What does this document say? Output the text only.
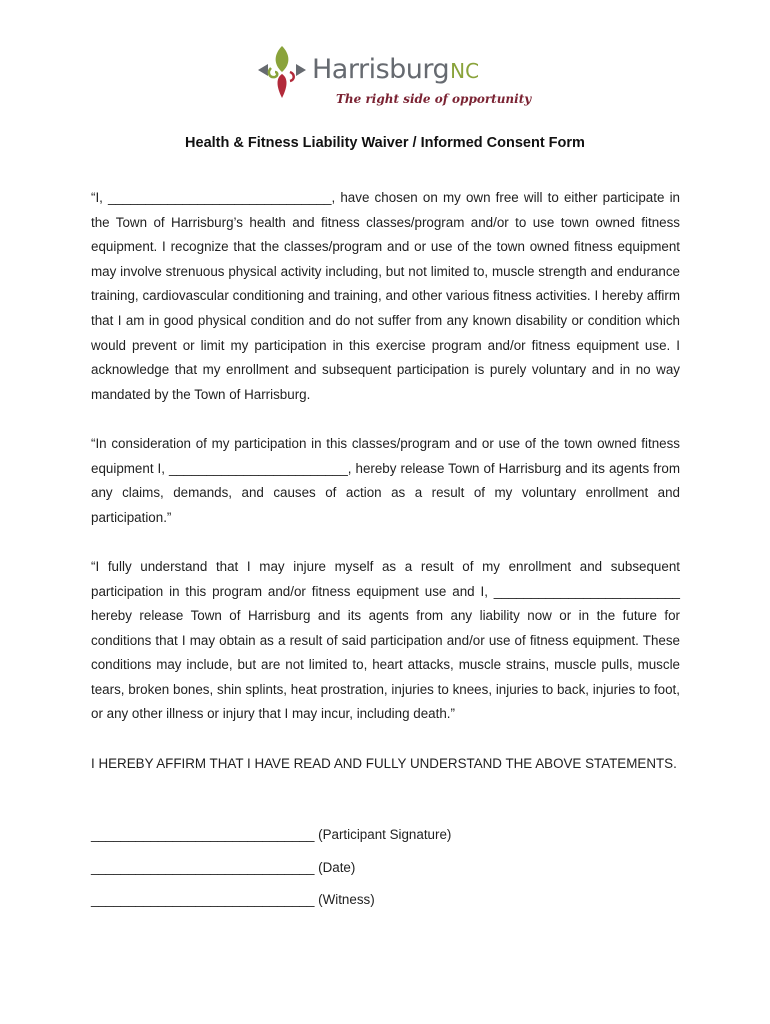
HarrisburgNC
The right side of opportunity
Health & Fitness Liability Waiver / Informed Consent Form

“I, ______________________________, have chosen on my own free will to either participate in the Town of Harrisburg’s health and fitness classes/program and/or to use town owned fitness equipment. I recognize that the classes/program and or use of the town owned fitness equipment may involve strenuous physical activity including, but not limited to, muscle strength and endurance training, cardiovascular conditioning and training, and other various fitness activities. I hereby affirm that I am in good physical condition and do not suffer from any known disability or condition which would prevent or limit my participation in this exercise program and/or fitness equipment use. I acknowledge that my enrollment and subsequent participation is purely voluntary and in no way mandated by the Town of Harrisburg.

“In consideration of my participation in this classes/program and or use of the town owned fitness equipment I, ________________________, hereby release Town of Harrisburg and its agents from any claims, demands, and causes of action as a result of my voluntary enrollment and participation.”

“I fully understand that I may injure myself as a result of my enrollment and subsequent participation in this program and/or fitness equipment use and I, _________________________ hereby release Town of Harrisburg and its agents from any liability now or in the future for conditions that I may obtain as a result of said participation and/or use of fitness equipment. These conditions may include, but are not limited to, heart attacks, muscle strains, muscle pulls, muscle tears, broken bones, shin splints, heat prostration, injuries to knees, injuries to back, injuries to foot, or any other illness or injury that I may incur, including death.”

I HEREBY AFFIRM THAT I HAVE READ AND FULLY UNDERSTAND THE ABOVE STATEMENTS.

______________________________ (Participant Signature)
______________________________ (Date)
______________________________ (Witness)
